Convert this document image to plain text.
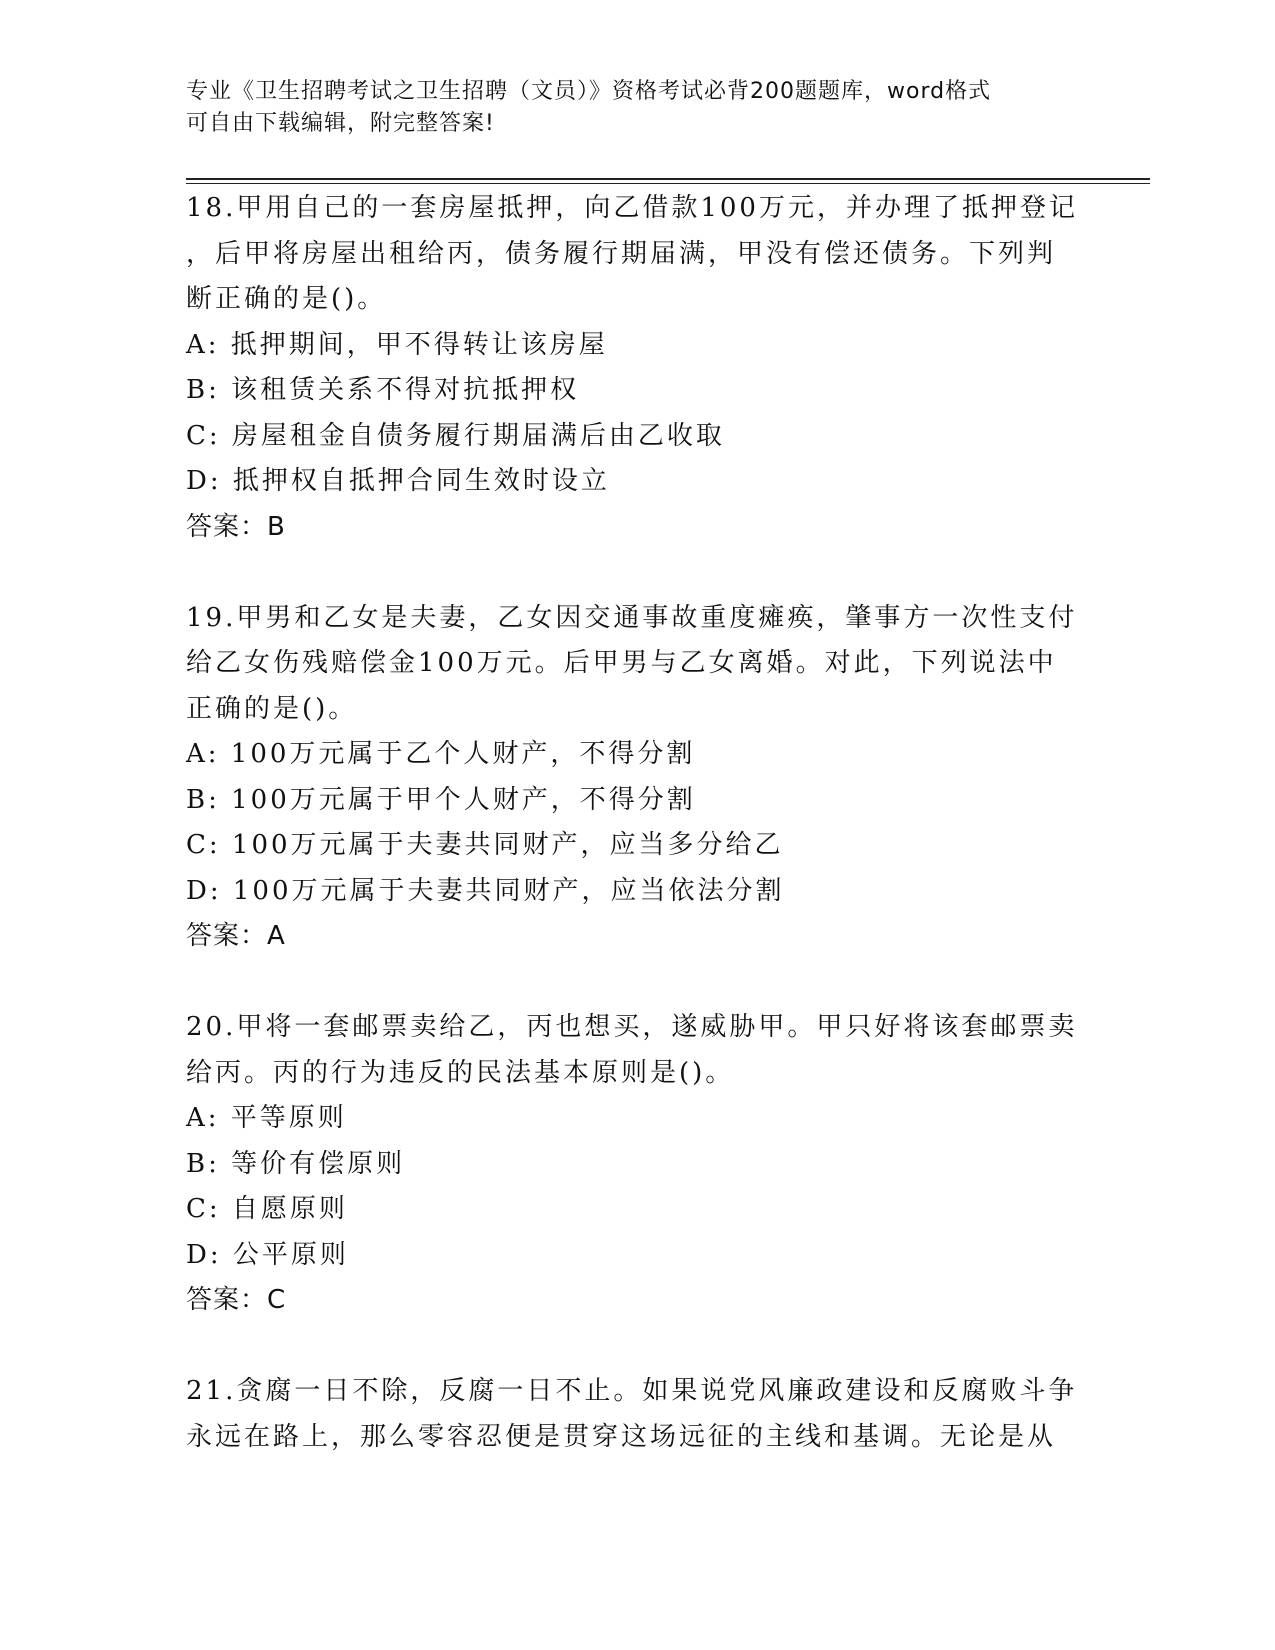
专业《卫生招聘考试之卫生招聘（文员）》资格考试必背200题题库，word格式
可自由下载编辑，附完整答案!
18.甲用自己的一套房屋抵押，向乙借款100万元，并办理了抵押登记
，后甲将房屋出租给丙，债务履行期届满，甲没有偿还债务。下列判
断正确的是()。
A: 抵押期间，甲不得转让该房屋
B: 该租赁关系不得对抗抵押权
C: 房屋租金自债务履行期届满后由乙收取
D: 抵押权自抵押合同生效时设立
答案：B
19.甲男和乙女是夫妻，乙女因交通事故重度瘫痪，肇事方一次性支付
给乙女伤残赔偿金100万元。后甲男与乙女离婚。对此，下列说法中
正确的是()。
A: 100万元属于乙个人财产，不得分割
B: 100万元属于甲个人财产，不得分割
C: 100万元属于夫妻共同财产，应当多分给乙
D: 100万元属于夫妻共同财产，应当依法分割
答案：A
20.甲将一套邮票卖给乙，丙也想买，遂威胁甲。甲只好将该套邮票卖
给丙。丙的行为违反的民法基本原则是()。
A: 平等原则
B: 等价有偿原则
C: 自愿原则
D: 公平原则
答案：C
21.贪腐一日不除，反腐一日不止。如果说党风廉政建设和反腐败斗争
永远在路上，那么零容忍便是贯穿这场远征的主线和基调。无论是从
